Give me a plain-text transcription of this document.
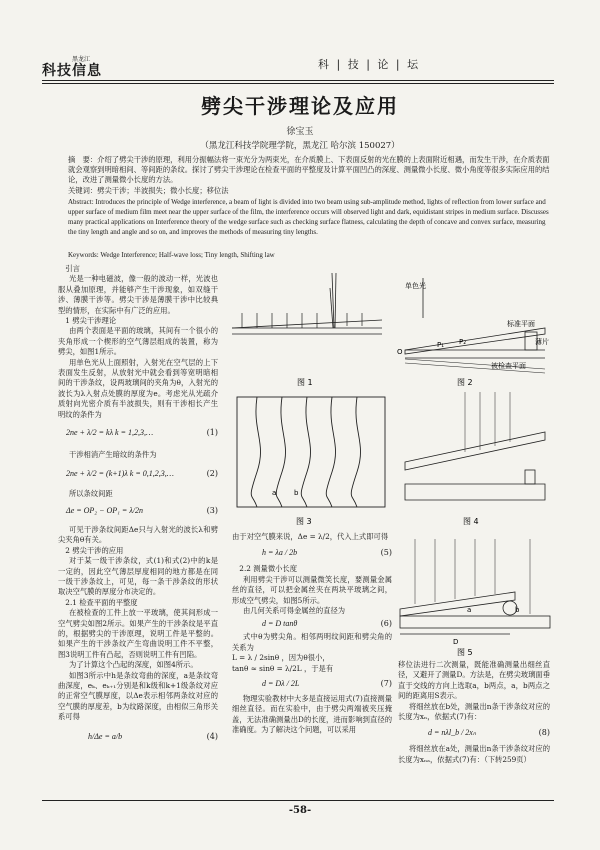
黑龙江
科技信息	科 | 技 | 论 | 坛
劈尖干涉理论及应用
徐宝玉
（黑龙江科技学院理学院，黑龙江 哈尔滨 150027）
摘　要：介绍了劈尖干涉的原理，利用分振幅法将一束光分为两束光，在介质膜上、下表面反射的光在膜的上表面附近相遇，而发生干涉，在介质表面就会观察到明暗相间、等间距的条纹。探讨了劈尖干涉理论在检查平面的平整度及计算平面凹凸的深度、测量微小长度、微小角度等很多实际应用的结论，改进了测量微小长度的方法。
关键词：劈尖干涉；半波损失；微小长度；移位法
Abstract: Introduces the principle of Wedge interference, a beam of light is divided into two beam using sub-amplitude method, lights of reflection from lower surface and upper surface of medium film meet near the upper surface of the film, the interference occurs will observed light and dark, equidistant stripes in medium surface. Discusses many practical applications on Interference theory of the wedge surface such as checking surface flatness, calculating the depth of concave and convex surface, measuring the tiny length and angle and so on, and improves the methods of measuring tiny lengths.
Keywords: Wedge Interference; Half-wave loss; Tiny length, Shifting law

引言

光是一种电磁波，像一般的波动一样，光波也服从叠加原理，并能够产生干涉现象，如双缝干涉、薄膜干涉等。劈尖干涉是薄膜干涉中比较典型的情形，在实际中有广泛的应用。

1 劈尖干涉理论

由两个表面是平面的玻璃，其间有一个很小的夹角形成一个楔形的空气薄层组成的装置，称为劈尖，如图1所示。

用单色光从上面照射，入射光在空气层的上下表面发生反射，从放射光中就会看到等宽明暗相间的干涉条纹，设两玻璃间的夹角为θ，入射光的波长为λ入射点处膜的厚度为e。考虑光从光疏介质射向光密介质有半波损失，则有干涉相长产生明纹的条件为

2ne + λ/2 = kλ k = 1,2,3,…	(1)

干涉相消产生暗纹的条件为

2ne + λ/2 = (k+1)λ k = 0,1,2,3,…	(2)

所以条纹间距

Δe = OP₂ − OP₁ = λ/2n	(3)

可见干涉条纹间距Δe只与入射光的波长λ和劈尖夹角θ有关。

2 劈尖干涉的应用

对于某一级干涉条纹，式(1)和式(2)中的k是一定的，因此空气薄层厚度相同的地方都是在同一级干涉条纹上，可见，每一条干涉条纹的形状取决空气膜的厚度分布决定的。

2.1 检查平面的平整度

在被检查的工件上放一平玻璃，使其间形成一空气劈尖如图2所示。如果产生的干涉条纹是平直的，根据劈尖的干涉原理，说明工件是平整的。如果产生的干涉条纹产生弯曲说明工件不平整，图3说明工件有凸起，否则说明工件有凹陷。

为了计算这个凸起的深度，如图4所示。

如图3所示中h是条纹弯曲的深度，a是条纹弯曲深度，eₖ、eₖ₊₁分别是和k级和k+1级条纹对应的正常空气膜厚度，以Δe表示相邻两条纹对应的空气膜的厚度差，b为纹路深度，由相似三角形关系可得

h/Δe = a/b	(4)
图 1
单色光
标准平面
薄片
被检查平面
O
P₁ P₂
图 2
a	b
图 3	图 4

由于对空气膜来说，Δe = λ/2，代入上式即可得

h = λa / 2b	(5)

2.2 测量微小长度

利用劈尖干涉可以测量微笑长度，要测量金属丝的直径，可以把金属丝夹在两块平玻璃之间，形成空气劈尖，如图5所示。

由几何关系可得金属丝的直径为

d = D tanθ	(6)

式中θ为劈尖角。相邻两明纹间距和劈尖角的关系为

L = λ / 2sinθ ，因为θ很小，

tanθ ≈ sinθ = λ/2L ，于是有

d = Dλ / 2L	(7)

物理实验教材中大多是直接运用式(7)直接测量细丝直径。而在实验中，由于劈尖两端被夹压掩盖，无法准确测量出D的长度，进而影响到直径的准确度。为了解决这个问题，可以采用

a	b
D
图 5

移位法进行二次测量，既能准确测量出细丝直径，又避开了测量D。方法是，在劈尖玻璃面垂直于交线的方向上选取a，b两点，a，b两点之间的距离用S表示。

将细丝放在b处，测量出n条干涉条纹对应的长度为xₙ，依据式(7)有：

d = nλl_b / 2xₙ	(8)

将细丝放在a处，测量出n条干涉条纹对应的长度为xₙₐ，依据式(7)有：（下转259页）

-58-
